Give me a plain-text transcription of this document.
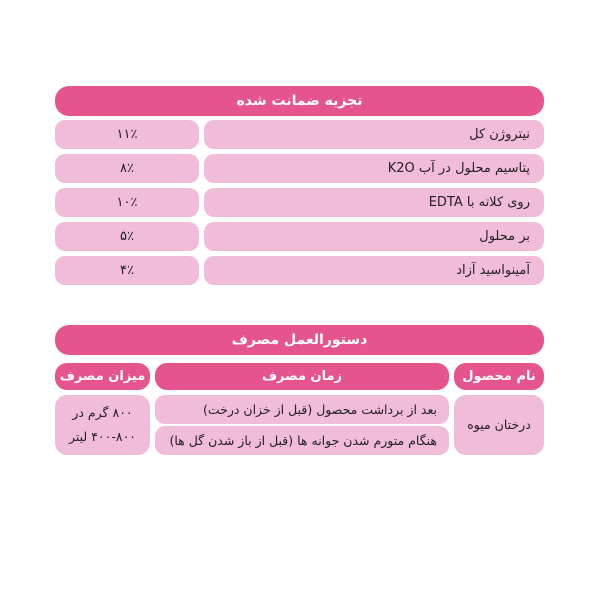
تجزیه ضمانت شده
نیتروژن کل
۱۱٪
پتاسیم محلول در آب K2O
۸٪
روی کلاته با EDTA
۱۰٪
بر محلول
۵٪
آمینواسید آزاد
۴٪
دستورالعمل مصرف
نام محصول
زمان مصرف
میزان مصرف
درختان میوه
بعد از برداشت محصول (قبل از خزان درخت)
هنگام متورم شدن جوانه ها (قبل از باز شدن گل ها)
۸۰۰ گرم در
۴۰۰-۸۰۰ لیتر
